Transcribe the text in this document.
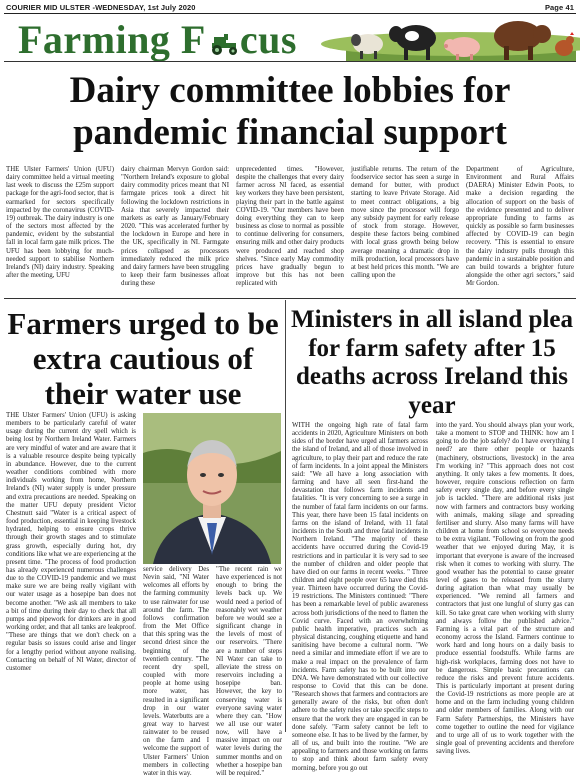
COURIER MID ULSTER -WEDNESDAY, 1st July 2020	Page 41
Farming F cus
Dairy committee lobbies for pandemic financial support

THE Ulster Farmers' Union (UFU) dairy committee held a virtual meeting last week to discuss the £25m support package for the agri-food sector, that is earmarked for sectors specifically impacted by the coronavirus (COVID-19) outbreak. The dairy industry is one of the sectors most affected by the pandemic, evident by the substantial fall in local farm gate milk prices. The UFU has been lobbying for much-needed support to stabilise Northern Ireland's (NI) dairy industry. Speaking after the meeting, UFU

dairy chairman Mervyn Gordon said: "Northern Ireland's exposure to global dairy commodity prices meant that NI farmgate prices took a direct hit following the lockdown restrictions in Asia that severely impacted their markets as early as January/February 2020. "This was accelerated further by the lockdown in Europe and here in the UK, specifically in NI. Farmgate prices collapsed as processors immediately reduced the milk price and dairy farmers have been struggling to keep their farm businesses afloat during these

unprecedented times. "However, despite the challenges that every dairy farmer across NI faced, as essential key workers they have been persistent, playing their part in the battle against COVID-19. "Our members have been doing everything they can to keep business as close to normal as possible to continue delivering for consumers, ensuring milk and other dairy products were produced and reached shop shelves. "Since early May commodity prices have gradually begun to improve but this has not been replicated with

justifiable returns. The return of the foodservice sector has seen a surge in demand for butter, with product starting to leave Private Storage. Aid to meet contract obligations, a big move since the processor will forgo any subsidy payment for early release of stock from storage. However, despite these factors being combined with local grass growth being below average meaning a dramatic drop in milk production, local processors have at best held prices this month. "We are calling upon the

Department of Agriculture, Environment and Rural Affairs (DAERA) Minister Edwin Poots, to make a decision regarding the allocation of support on the basis of the evidence presented and to deliver appropriate funding to farms as quickly as possible so farm businesses affected by COVID-19 can begin recovery. "This is essential to ensure the dairy industry pulls through this pandemic in a sustainable position and can build towards a brighter future alongside the other agri sectors," said Mr Gordon.

Farmers urged to be extra cautious of their water use

THE Ulster Farmers' Union (UFU) is asking members to be particularly careful of water usage during the current dry spell which is being lost by Northern Ireland Water. Farmers are very mindful of water and are aware that it is a valuable resource despite being typically in abundance. However, due to the current weather conditions combined with more individuals working from home, Northern Ireland's (NI) water supply is under pressure and extra precautions are needed. Speaking on the matter UFU deputy president Victor Chestnutt said "Water is a critical aspect of food production, essential in keeping livestock hydrated, helping to ensure crops thrive through their growth stages and to stimulate grass growth, especially during hot, dry conditions like what we are experiencing at the present time. "The process of food production has already experienced numerous challenges due to the COVID-19 pandemic and we must make sure we are being really vigilant with our water usage as a hosepipe ban does not become another. "We ask all members to take a bit of time during their day to check that all pumps and pipework for drinkers are in good working order, and that all tanks are leakproof. "These are things that we don't check on a regular basis so issues could arise and linger for a lengthy period without anyone realising. Contacting on behalf of NI Water, director of customer

service delivery Des Nevin said, "NI Water welcomes all efforts by the farming community to use rainwater for use around the farm. The follows confirmation from the Met Office that this spring was the second driest since the beginning of the twentieth century. "The recent dry spell, coupled with more people at home using more water, has resulted in a significant drop in our water levels. Waterbutts are a great way to harvest rainwater to be reused on the farm and I welcome the support of Ulster Farmers' Union members in collecting water in this way.

"The recent rain we have experienced is not enough to bring the levels back up. We would need a period of reasonably wet weather before we would see a significant change in the levels of most of our reservoirs. "There are a number of steps NI Water can take to alleviate the stress on reservoirs including a hosepipe ban. However, the key to conserving water is everyone saving water where they can. "How we all use our water now, will have a massive impact on our water levels during the summer months and on whether a hosepipe ban will be required."

Ministers in all island plea for farm safety after 15 deaths across Ireland this year

WITH the ongoing high rate of fatal farm accidents in 2020, Agriculture Ministers on both sides of the border have urged all farmers across the island of Ireland, and all of those involved in agriculture, to play their part and reduce the rate of farm incidents. In a joint appeal the Ministers said: "We all have a long association with farming and have all seen first-hand the devastation that follows farm incidents and fatalities. "It is very concerning to see a surge in the number of fatal farm incidents on our farms. This year, there have been 15 fatal incidents on farms on the island of Ireland, with 11 fatal incidents in the South and three fatal incidents in Northern Ireland. "The majority of these accidents have occurred during the Covid-19 restrictions and in particular it is very sad to see the number of children and older people that have died on our farms in recent weeks. " Three children and eight people over 65 have died this year. Thirteen have occurred during the Covid-19 restrictions. The Ministers continued: "There has been a remarkable level of public awareness across both jurisdictions of the need to flatten the Covid curve. Faced with an overwhelming public health imperative, practices such as physical distancing, coughing etiquette and hand sanitising have become a cultural norm. "We need a similar and immediate effort if we are to make a real impact on the prevalence of farm incidents. Farm safety has to be built into our DNA. We have demonstrated with our collective response to Covid that this can be done. "Research shows that farmers and contractors are generally aware of the risks, but often don't adhere to the safety rules or take specific steps to ensure that the work they are engaged in can be done safely. "Farm safety cannot be left to someone else. It has to be lived by the farmer, by all of us, and built into the routine. "We are appealing to farmers and those working on farms to stop and think about farm safety every morning, before you go out

into the yard. You should always plan your work, take a moment to STOP and THINK: how am I going to do the job safely? do I have everything I need? are there other people or hazards (machinery, obstructions, livestock) in the area I'm working in? "This approach does not cost anything. It only takes a few moments. It does, however, require conscious reflection on farm safety every single day, and before every single job is tackled. "There are additional risks just now with farmers and contractors busy working with animals, making silage and spreading fertiliser and slurry. Also many farms will have children at home from school so everyone needs to be extra vigilant. "Following on from the good weather that we enjoyed during May, it is important that everyone is aware of the increased risk when it comes to working with slurry. The good weather has the potential to cause greater level of gases to be released from the slurry during agitation than what may usually be experienced. "We remind all farmers and contractors that just one lungful of slurry gas can kill. So take great care when working with slurry and always follow the published advice." Farming is a vital part of the structure and economy across the Island. Farmers continue to work hard and long hours on a daily basis to produce essential foodstuffs. While farms are high-risk workplaces, farming does not have to be dangerous. Simple basic precautions can reduce the risks and prevent future accidents. This is particularly important at present during the Covid-19 restrictions as more people are at home and on the farm including young children and older members of families. Along with our Farm Safety Partnerships, the Ministers have come together to outline the need for vigilance and to urge all of us to work together with the single goal of preventing accidents and therefore saving lives.
